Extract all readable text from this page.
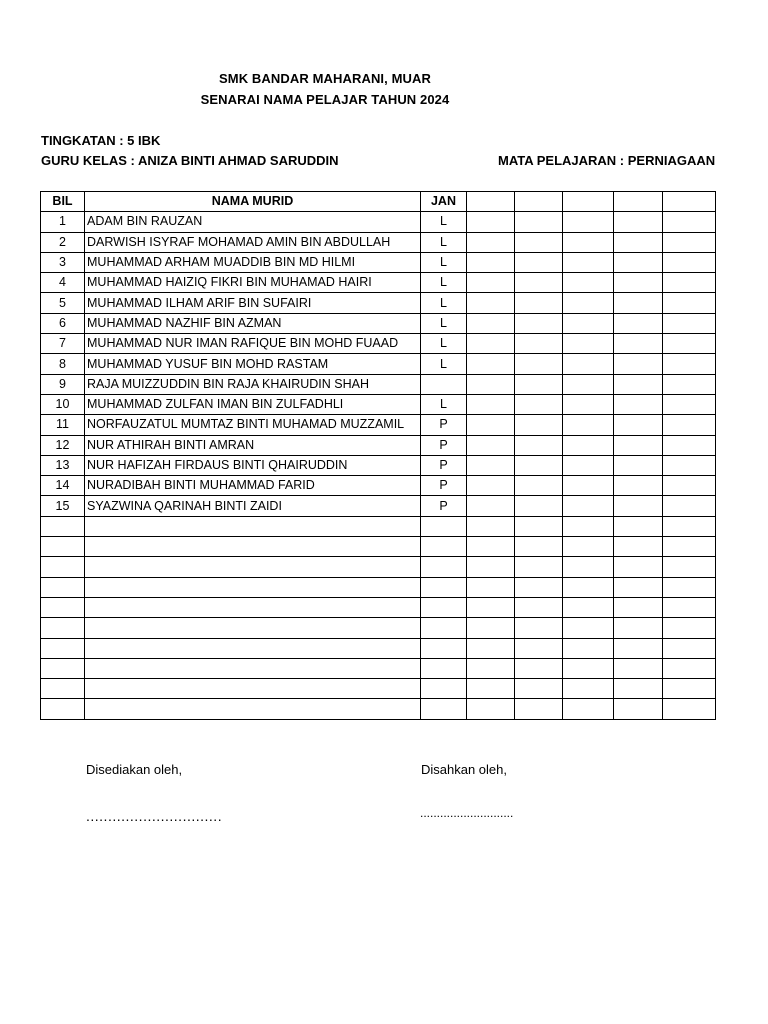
SMK BANDAR MAHARANI, MUAR
SENARAI NAMA PELAJAR TAHUN 2024
TINGKATAN : 5 IBK
GURU KELAS : ANIZA BINTI AHMAD SARUDDIN	MATA PELAJARAN : PERNIAGAAN
BIL	NAMA MURID	JAN					
1	ADAM BIN RAUZAN	L					
2	DARWISH ISYRAF MOHAMAD AMIN BIN ABDULLAH	L					
3	MUHAMMAD ARHAM MUADDIB BIN MD HILMI	L					
4	MUHAMMAD HAIZIQ FIKRI BIN MUHAMAD HAIRI	L					
5	MUHAMMAD ILHAM ARIF BIN SUFAIRI	L					
6	MUHAMMAD NAZHIF BIN AZMAN	L					
7	MUHAMMAD NUR IMAN RAFIQUE BIN MOHD FUAAD	L					
8	MUHAMMAD YUSUF BIN MOHD RASTAM	L					
9	RAJA MUIZZUDDIN BIN RAJA KHAIRUDIN SHAH						
10	MUHAMMAD ZULFAN IMAN BIN ZULFADHLI	L					
11	NORFAUZATUL MUMTAZ BINTI MUHAMAD MUZZAMIL	P					
12	NUR ATHIRAH BINTI AMRAN	P					
13	NUR HAFIZAH FIRDAUS BINTI QHAIRUDDIN	P					
14	NURADIBAH BINTI MUHAMMAD FARID	P					
15	SYAZWINA QARINAH BINTI ZAIDI	P					

Disediakan oleh,	Disahkan oleh,
...............................	............................
